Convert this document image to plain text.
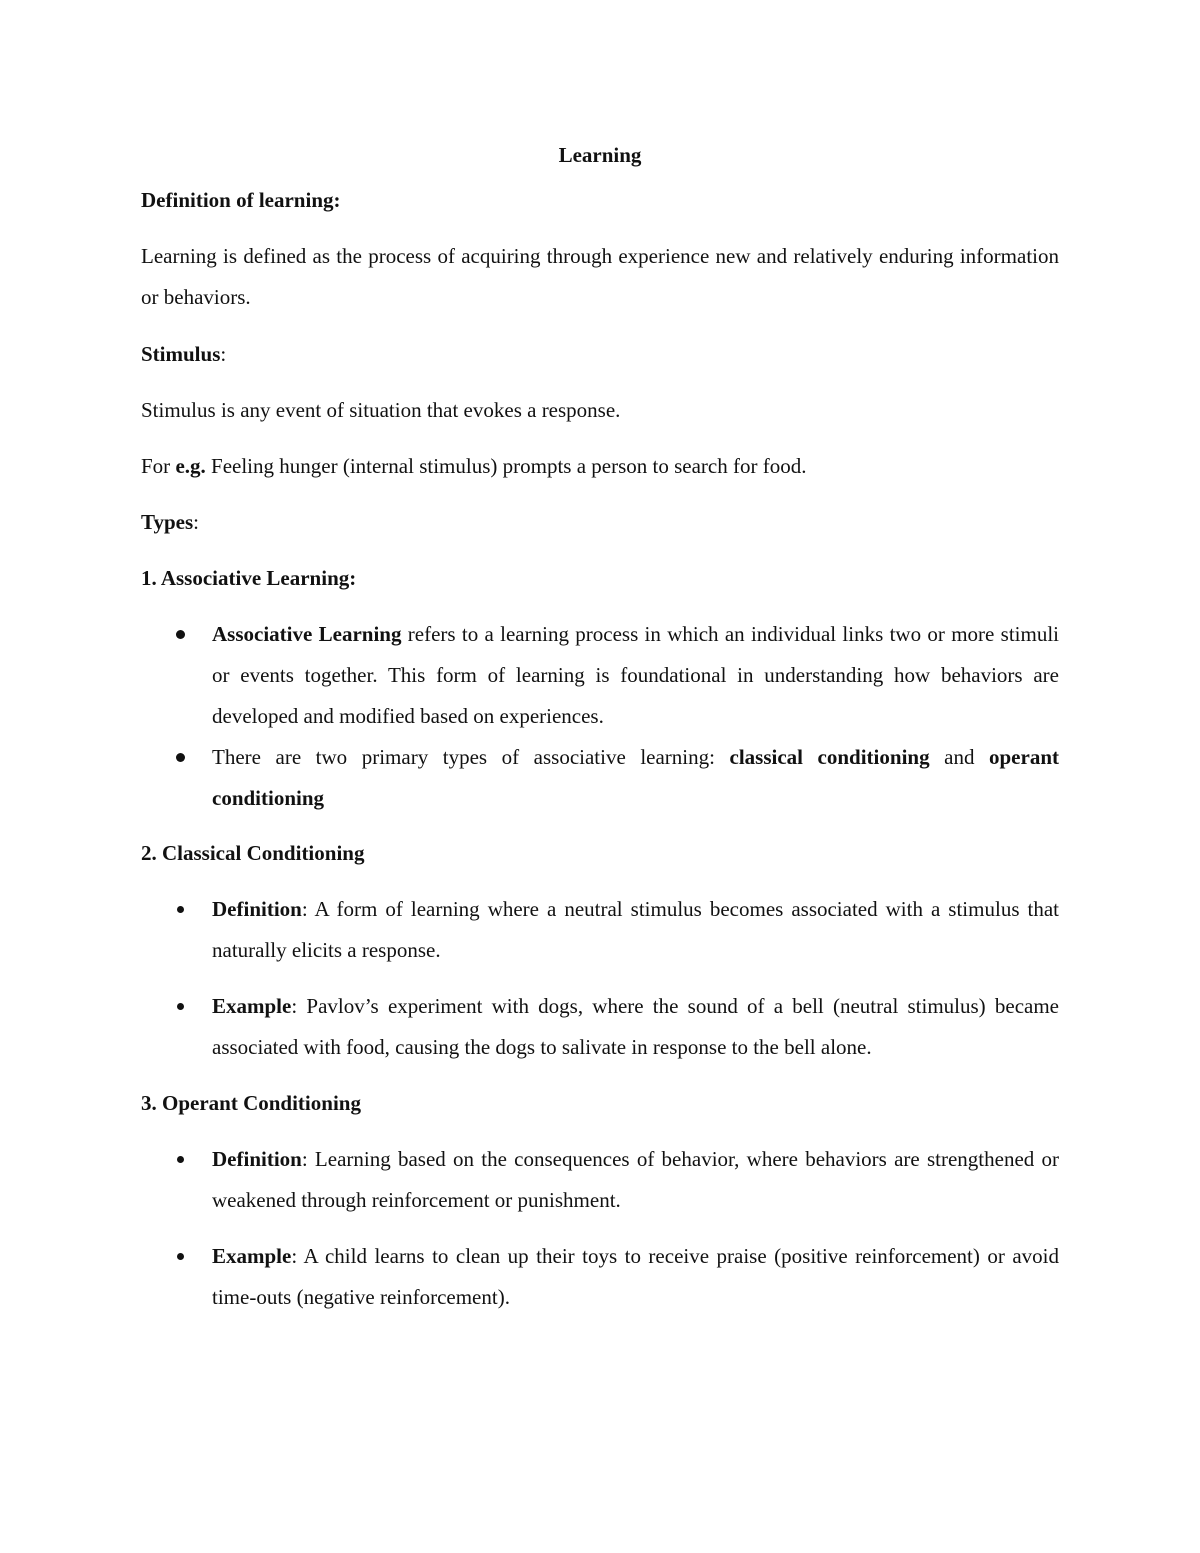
Learning
Definition of learning:
Learning is defined as the process of acquiring through experience new and relatively enduring information or behaviors.
Stimulus:
Stimulus is any event of situation that evokes a response.
For e.g. Feeling hunger (internal stimulus) prompts a person to search for food.
Types:
1. Associative Learning:
Associative Learning refers to a learning process in which an individual links two or more stimuli or events together. This form of learning is foundational in understanding how behaviors are developed and modified based on experiences.
There are two primary types of associative learning: classical conditioning and operant conditioning
2. Classical Conditioning
Definition: A form of learning where a neutral stimulus becomes associated with a stimulus that naturally elicits a response.
Example: Pavlov’s experiment with dogs, where the sound of a bell (neutral stimulus) became associated with food, causing the dogs to salivate in response to the bell alone.
3. Operant Conditioning
Definition: Learning based on the consequences of behavior, where behaviors are strengthened or weakened through reinforcement or punishment.
Example: A child learns to clean up their toys to receive praise (positive reinforcement) or avoid time-outs (negative reinforcement).
